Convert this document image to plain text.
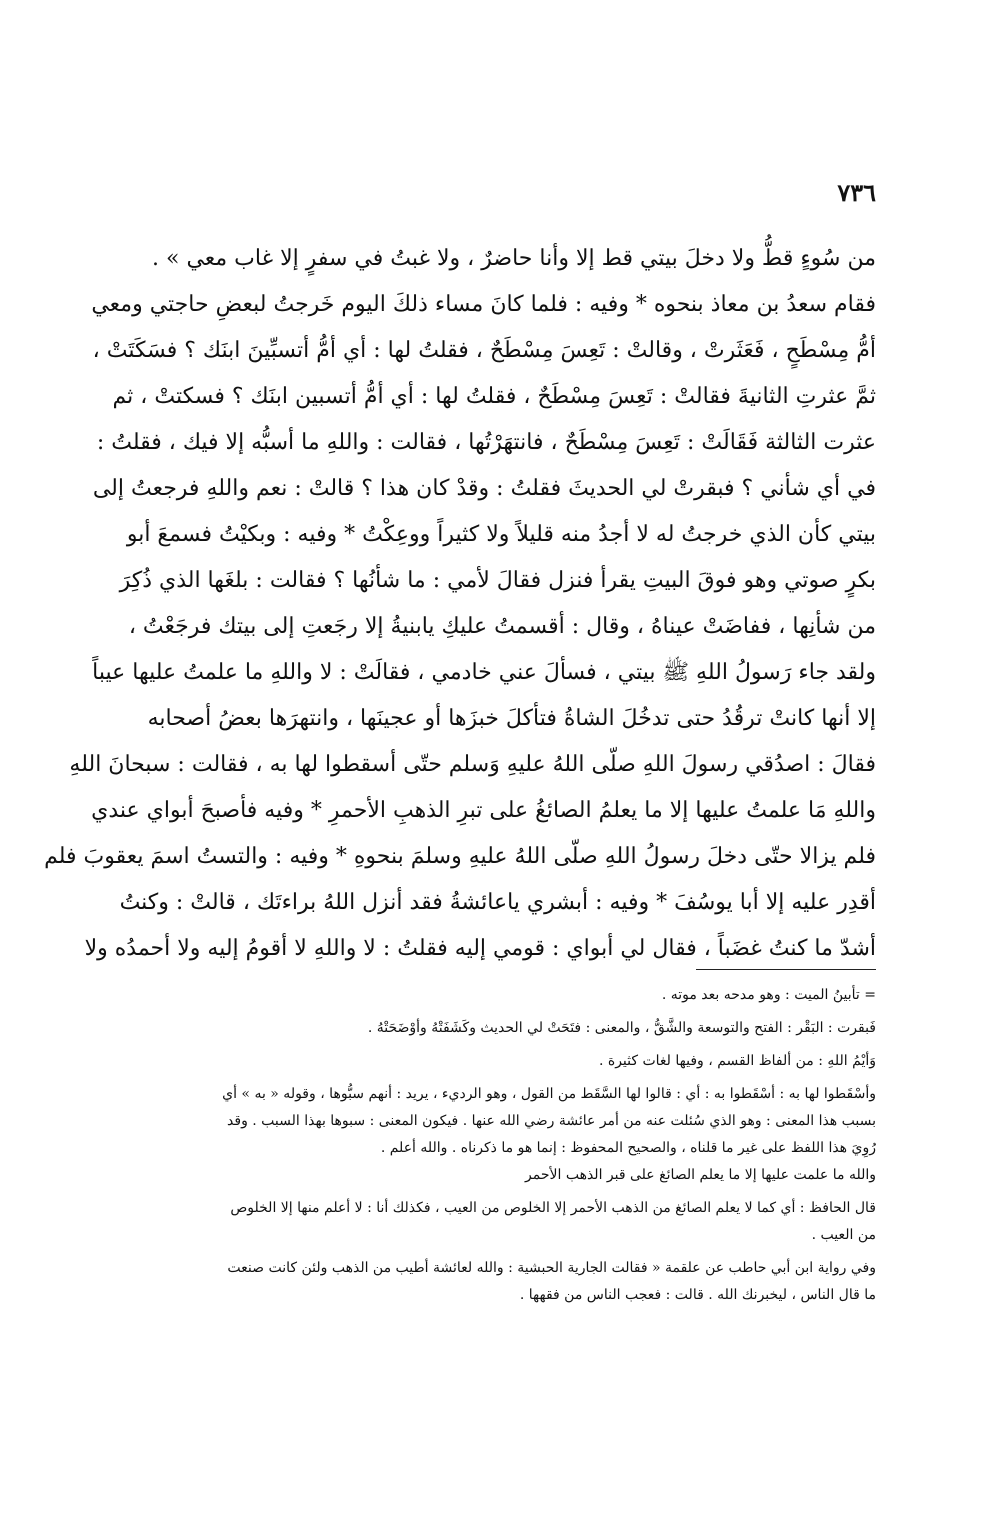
٧٣٦
من سُوءٍ قطُّ ولا دخلَ بيتي قط إلا وأنا حاضرٌ ، ولا غبتُ في سفرٍ إلا غاب معي » .
فقام سعدُ بن معاذ بنحوه * وفيه : فلما كانَ مساء ذلكَ اليوم خَرجتُ لبعضِ حاجتي ومعي
أمُّ مِسْطَحٍ ، فَعَثَرتْ ، وقالتْ : تَعِسَ مِسْطَحٌ ، فقلتُ لها : أي أمُّ أتسبِّينَ ابنَك ؟ فسَكَتَتْ ،
ثمَّ عثرتِ الثانيةَ فقالتْ : تَعِسَ مِسْطَحٌ ، فقلتُ لها : أي أمُّ أتسبين ابنَك ؟ فسكتتْ ، ثم
عثرت الثالثة فَقَالَتْ : تَعِسَ مِسْطَحٌ ، فانتهَرْتُها ، فقالت : واللهِ ما أسبُّه إلا فيك ، فقلتُ :
في أي شأني ؟ فبقرتْ لي الحديثَ فقلتُ : وقدْ كان هذا ؟ قالتْ : نعم واللهِ فرجعتُ إلى
بيتي كأن الذي خرجتُ له لا أجدُ منه قليلاً ولا كثيراً ووعِكْتُ * وفيه : وبكيْتُ فسمعَ أبو
بكرٍ صوتي وهو فوقَ البيتِ يقرأ فنزل فقالَ لأمي : ما شأنُها ؟ فقالت : بلغَها الذي ذُكِرَ
من شأنِها ، ففاضَتْ عيناهُ ، وقال : أقسمتُ عليكِ يابنيةُ إلا رجَعتِ إلى بيتك فرجَعْتُ ،
ولقد جاء رَسولُ اللهِ ﷺ بيتي ، فسألَ عني خادمي ، فقالَتْ : لا واللهِ ما علمتُ عليها عيباً
إلا أنها كانتْ ترقُدُ حتى تدخُلَ الشاةُ فتأكلَ خبزَها أو عجينَها ، وانتهرَها بعضُ أصحابه
فقالَ : اصدُقي رسولَ اللهِ صلّى اللهُ عليهِ وَسلم حتّى أسقطوا لها به ، فقالت : سبحانَ اللهِ
واللهِ مَا علمتُ عليها إلا ما يعلمُ الصائغُ على تبرِ الذهبِ الأحمرِ * وفيه فأصبحَ أبواي عندي
فلم يزالا حتّى دخلَ رسولُ اللهِ صلّى اللهُ عليهِ وسلمَ بنحوهِ * وفيه : والتستُ اسمَ يعقوبَ فلم
أقدِر عليه إلا أبا يوسُفَ * وفيه : أبشري ياعائشةُ فقد أنزل اللهُ براءتَك ، قالتْ : وكنتُ
أشدّ ما كنتُ غضَباً ، فقال لي أبواي : قومي إليه فقلتُ : لا واللهِ لا أقومُ إليه ولا أحمدُه ولا
= تأبينُ الميت : وهو مدحه بعد موته .
فَبقرت : البَقْر : الفتح والتوسعة والشَّقُّ ، والمعنى : فتَحَتْ لي الحديث وكَشَفَتْهُ وأوْضَحَتْهُ .
وَأيْمُ اللهِ : من ألفاظ القسم ، وفيها لغات كثيرة .
وأسْقَطوا لها به : أسْقَطوا به : أي : قالوا لها السَّقَط من القول ، وهو الرديء ، يريد : أنهم سبُّوها ، وقوله « به » أي
بسبب هذا المعنى : وهو الذي سُئلت عنه من أمر عائشة رضي الله عنها . فيكون المعنى : سبوها بهذا السبب . وقد
رُوِيَ هذا اللفظ على غير ما قلناه ، والصحيح المحفوظ : إنما هو ما ذكرناه . والله أعلم .
والله ما علمت عليها إلا ما يعلم الصائغ على قبر الذهب الأحمر
قال الحافظ : أي كما لا يعلم الصائغ من الذهب الأحمر إلا الخلوص من العيب ، فكذلك أنا : لا أعلم منها إلا الخلوص
من العيب .
وفي رواية ابن أبي حاطب عن علقمة « فقالت الجارية الحبشية : والله لعائشة أطيب من الذهب ولئن كانت صنعت
ما قال الناس ، ليخبرنك الله . قالت : فعجب الناس من فقهها .
